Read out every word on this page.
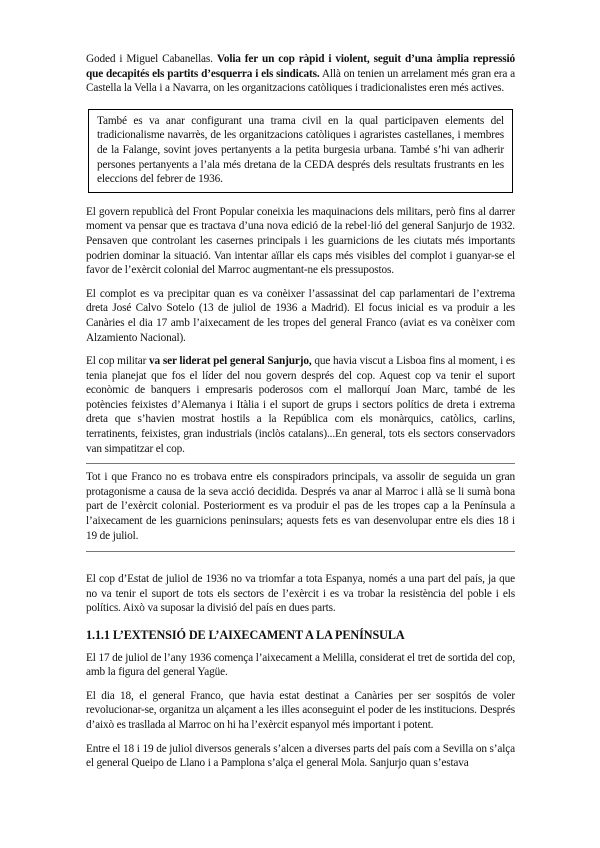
Goded i Miguel Cabanellas. Volia fer un cop ràpid i violent, seguit d’una àmplia repressió que decapités els partits d’esquerra i els sindicats. Allà on tenien un arrelament més gran era a Castella la Vella i a Navarra, on les organitzacions catòliques i tradicionalistes eren més actives.

També es va anar configurant una trama civil en la qual participaven elements del tradicionalisme navarrès, de les organitzacions catòliques i agraristes castellanes, i membres de la Falange, sovint joves pertanyents a la petita burgesia urbana. També s’hi van adherir persones pertanyents a l’ala més dretana de la CEDA després dels resultats frustrants en les eleccions del febrer de 1936.

El govern republicà del Front Popular coneixia les maquinacions dels militars, però fins al darrer moment va pensar que es tractava d’una nova edició de la rebel·lió del general Sanjurjo de 1932. Pensaven que controlant les casernes principals i les guarnicions de les ciutats més importants podrien dominar la situació. Van intentar aïllar els caps més visibles del complot i guanyar-se el favor de l’exèrcit colonial del Marroc augmentant-ne els pressupostos.

El complot es va precipitar quan es va conèixer l’assassinat del cap parlamentari de l’extrema dreta José Calvo Sotelo (13 de juliol de 1936 a Madrid). El focus inicial es va produir a les Canàries el dia 17 amb l’aixecament de les tropes del general Franco (aviat es va conèixer com Alzamiento Nacional).

El cop militar va ser liderat pel general Sanjurjo, que havia viscut a Lisboa fins al moment, i es tenia planejat que fos el líder del nou govern després del cop. Aquest cop va tenir el suport econòmic de banquers i empresaris poderosos com el mallorquí Joan Marc, també de les potències feixistes d’Alemanya i Itàlia i el suport de grups i sectors polítics de dreta i extrema dreta que s’havien mostrat hostils a la República com els monàrquics, catòlics, carlins, terratinents, feixistes, gran industrials (inclòs catalans)...En general, tots els sectors conservadors van simpatitzar el cop.

Tot i que Franco no es trobava entre els conspiradors principals, va assolir de seguida un gran protagonisme a causa de la seva acció decidida. Després va anar al Marroc i allà se li sumà bona part de l’exèrcit colonial. Posteriorment es va produir el pas de les tropes cap a la Península a l’aixecament de les guarnicions peninsulars; aquests fets es van desenvolupar entre els dies 18 i 19 de juliol.

El cop d’Estat de juliol de 1936 no va triomfar a tota Espanya, només a una part del país, ja que no va tenir el suport de tots els sectors de l’exèrcit i es va trobar la resistència del poble i els polítics. Això va suposar la divisió del país en dues parts.

1.1.1 L’EXTENSIÓ DE L’AIXECAMENT A LA PENÍNSULA

El 17 de juliol de l’any 1936 comença l’aixecament a Melilla, considerat el tret de sortida del cop, amb la figura del general Yagüe.

El dia 18, el general Franco, que havia estat destinat a Canàries per ser sospitós de voler revolucionar-se, organitza un alçament a les illes aconseguint el poder de les institucions. Després d’això es trasllada al Marroc on hi ha l’exèrcit espanyol més important i potent.

Entre el 18 i 19 de juliol diversos generals s’alcen a diverses parts del país com a Sevilla on s’alça el general Queipo de Llano i a Pamplona s’alça el general Mola. Sanjurjo quan s’estava
